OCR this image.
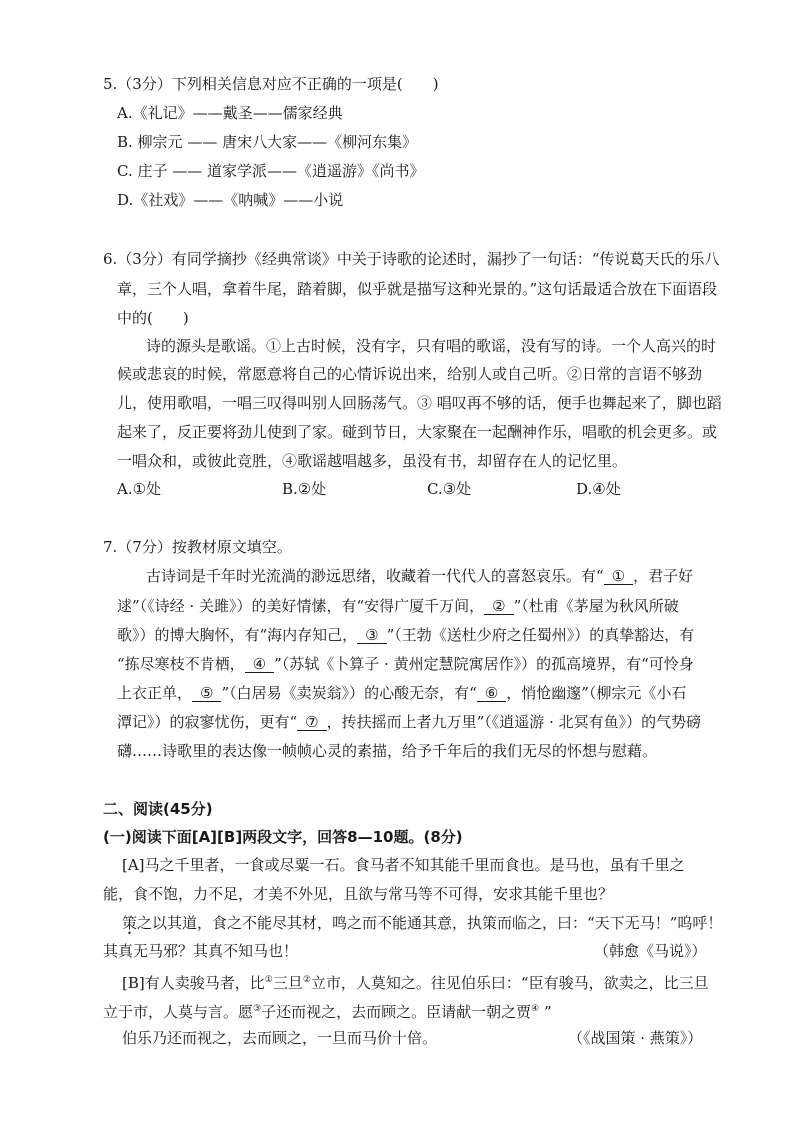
5.（3分）下列相关信息对应不正确的一项是(　　)
A.《礼记》——戴圣——儒家经典
B. 柳宗元 —— 唐宋八大家——《柳河东集》
C. 庄子 —— 道家学派——《逍遥游》《尚书》
D.《社戏》——《呐喊》——小说
6.（3分）有同学摘抄《经典常谈》中关于诗歌的论述时，漏抄了一句话：“传说葛天氏的乐八
章，三个人唱，拿着牛尾，踏着脚，似乎就是描写这种光景的。”这句话最适合放在下面语段
中的(　　)
诗的源头是歌谣。①上古时候，没有字，只有唱的歌谣，没有写的诗。一个人高兴的时
候或悲哀的时候，常愿意将自己的心情诉说出来，给别人或自己听。②日常的言语不够劲
儿，使用歌唱，一唱三叹得叫别人回肠荡气。③ 唱叹再不够的话，便手也舞起来了，脚也蹈
起来了，反正要将劲儿使到了家。碰到节日，大家聚在一起酬神作乐，唱歌的机会更多。或
一唱众和，或彼此竞胜，④歌谣越唱越多，虽没有书，却留存在人的记忆里。
A.①处	B.②处	C.③处	D.④处
7.（7分）按教材原文填空。
古诗词是千年时光流淌的渺远思绪，收藏着一代代人的喜怒哀乐。有“ ① ，君子好
逑”（《诗经 · 关雎》）的美好情愫，有“安得广厦千万间， ② ”（杜甫《茅屋为秋风所破
歌》）的博大胸怀，有“海内存知己， ③ ”（王勃《送杜少府之任蜀州》）的真挚豁达，有
“拣尽寒枝不肯栖， ④ ”（苏轼《卜算子 · 黄州定慧院寓居作》）的孤高境界，有“可怜身
上衣正单， ⑤ ”（白居易《卖炭翁》）的心酸无奈，有“ ⑥ ，悄怆幽邃”（柳宗元《小石
潭记》）的寂寥忧伤，更有“ ⑦ ，抟扶摇而上者九万里”（《逍遥游 · 北冥有鱼》）的气势磅
礴……诗歌里的表达像一帧帧心灵的素描，给予千年后的我们无尽的怀想与慰藉。
二、阅读(45分)
(一)阅读下面[A][B]两段文字，回答8—10题。(8分)
[A]马之千里者，一食或尽粟一石。食马者不知其能千里而食也。是马也，虽有千里之
能，食不饱，力不足，才美不外见，且欲与常马等不可得，安求其能千里也？
策之以其道，食之不能尽其材，鸣之而不能通其意，执策而临之，曰：“天下无马！”呜呼！
其真无马邪？其真不知马也！	（韩愈《马说》）
[B]有人卖骏马者，比①三旦②立市，人莫知之。往见伯乐曰：“臣有骏马，欲卖之，比三旦
立于市，人莫与言。愿③子还而视之，去而顾之。臣请献一朝之贾④ ”
伯乐乃还而视之，去而顾之，一旦而马价十倍。	（《战国策 · 燕策》）
